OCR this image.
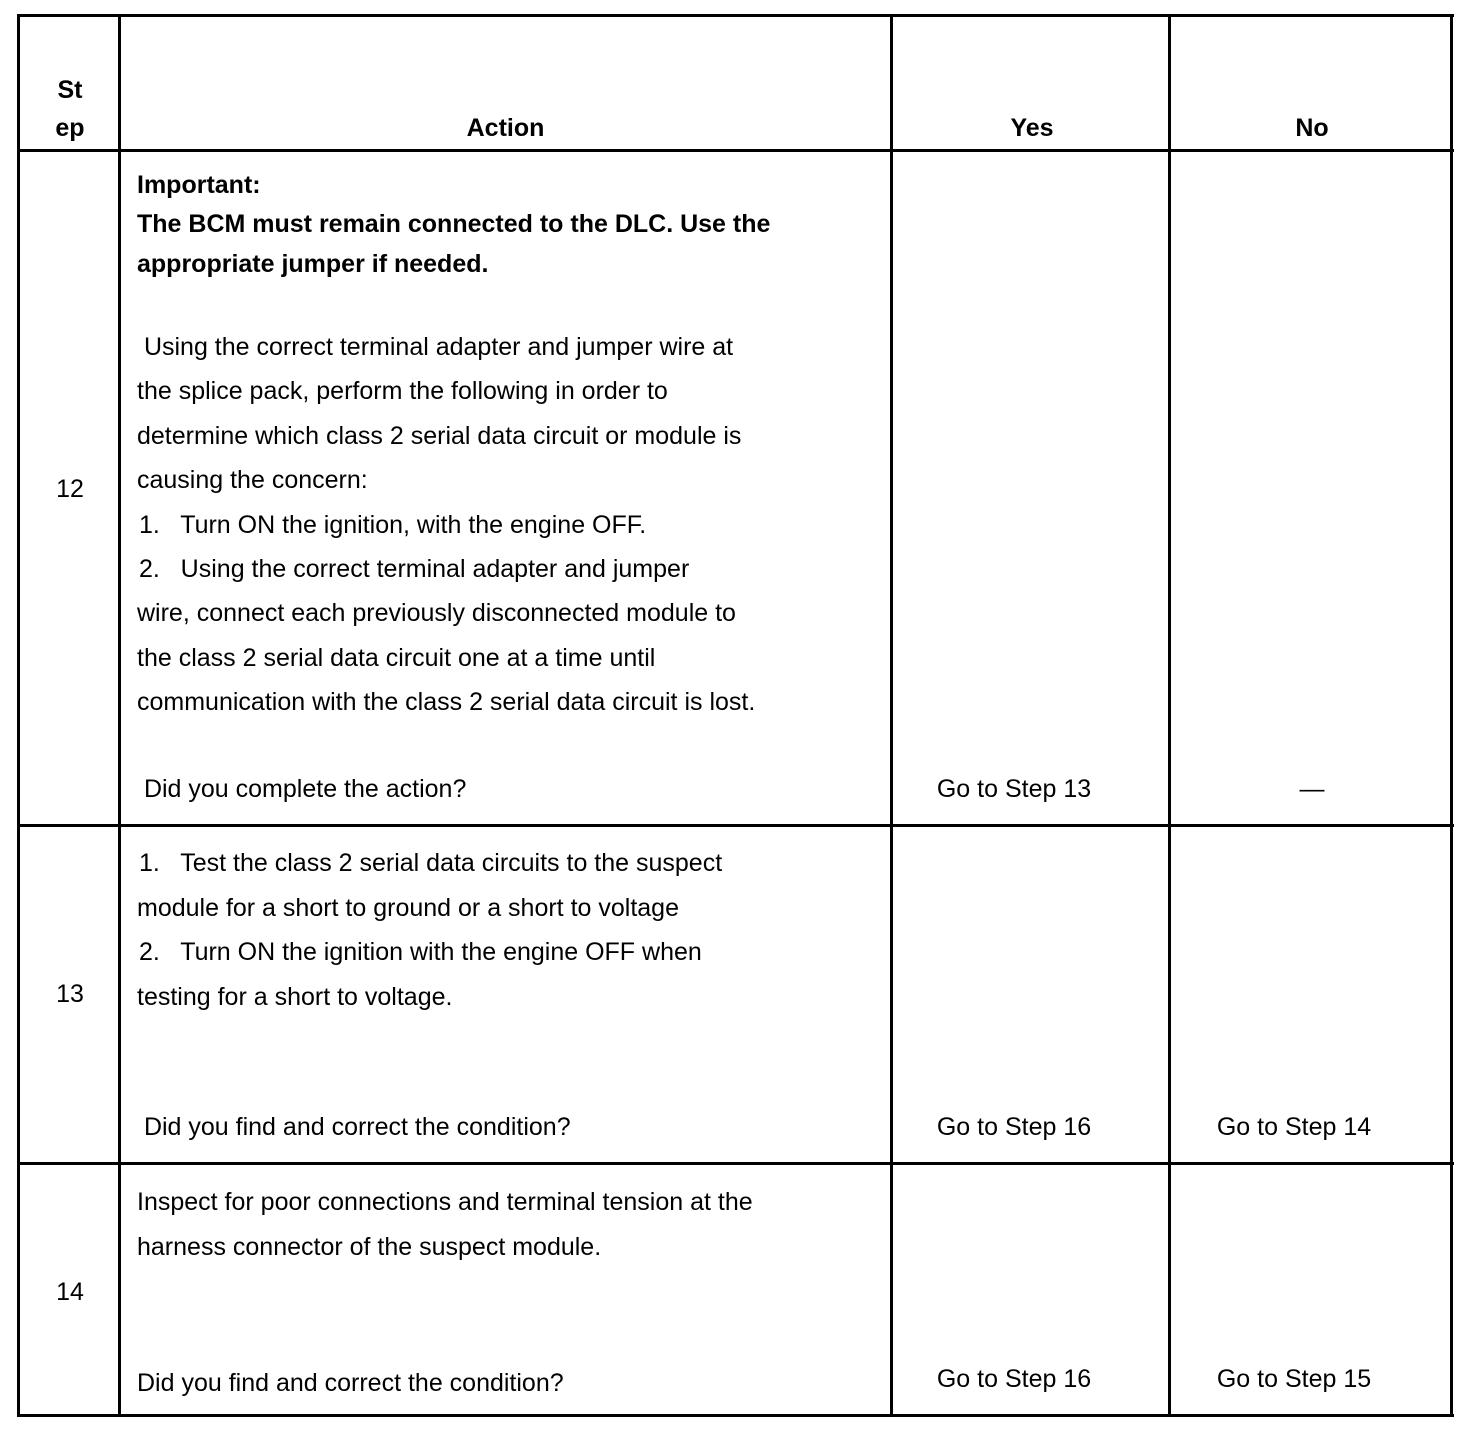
St
ep	Action	Yes	No
12
Important:
The BCM must remain connected to the DLC. Use the
appropriate jumper if needed.
Using the correct terminal adapter and jumper wire at
the splice pack, perform the following in order to
determine which class 2 serial data circuit or module is
causing the concern:
1.   Turn ON the ignition, with the engine OFF.
2.   Using the correct terminal adapter and jumper
wire, connect each previously disconnected module to
the class 2 serial data circuit one at a time until
communication with the class 2 serial data circuit is lost.
Did you complete the action?	Go to Step 13	—
13
1.   Test the class 2 serial data circuits to the suspect
module for a short to ground or a short to voltage
2.   Turn ON the ignition with the engine OFF when
testing for a short to voltage.
Did you find and correct the condition?	Go to Step 16	Go to Step 14
14
Inspect for poor connections and terminal tension at the
harness connector of the suspect module.
Did you find and correct the condition?	Go to Step 16	Go to Step 15
